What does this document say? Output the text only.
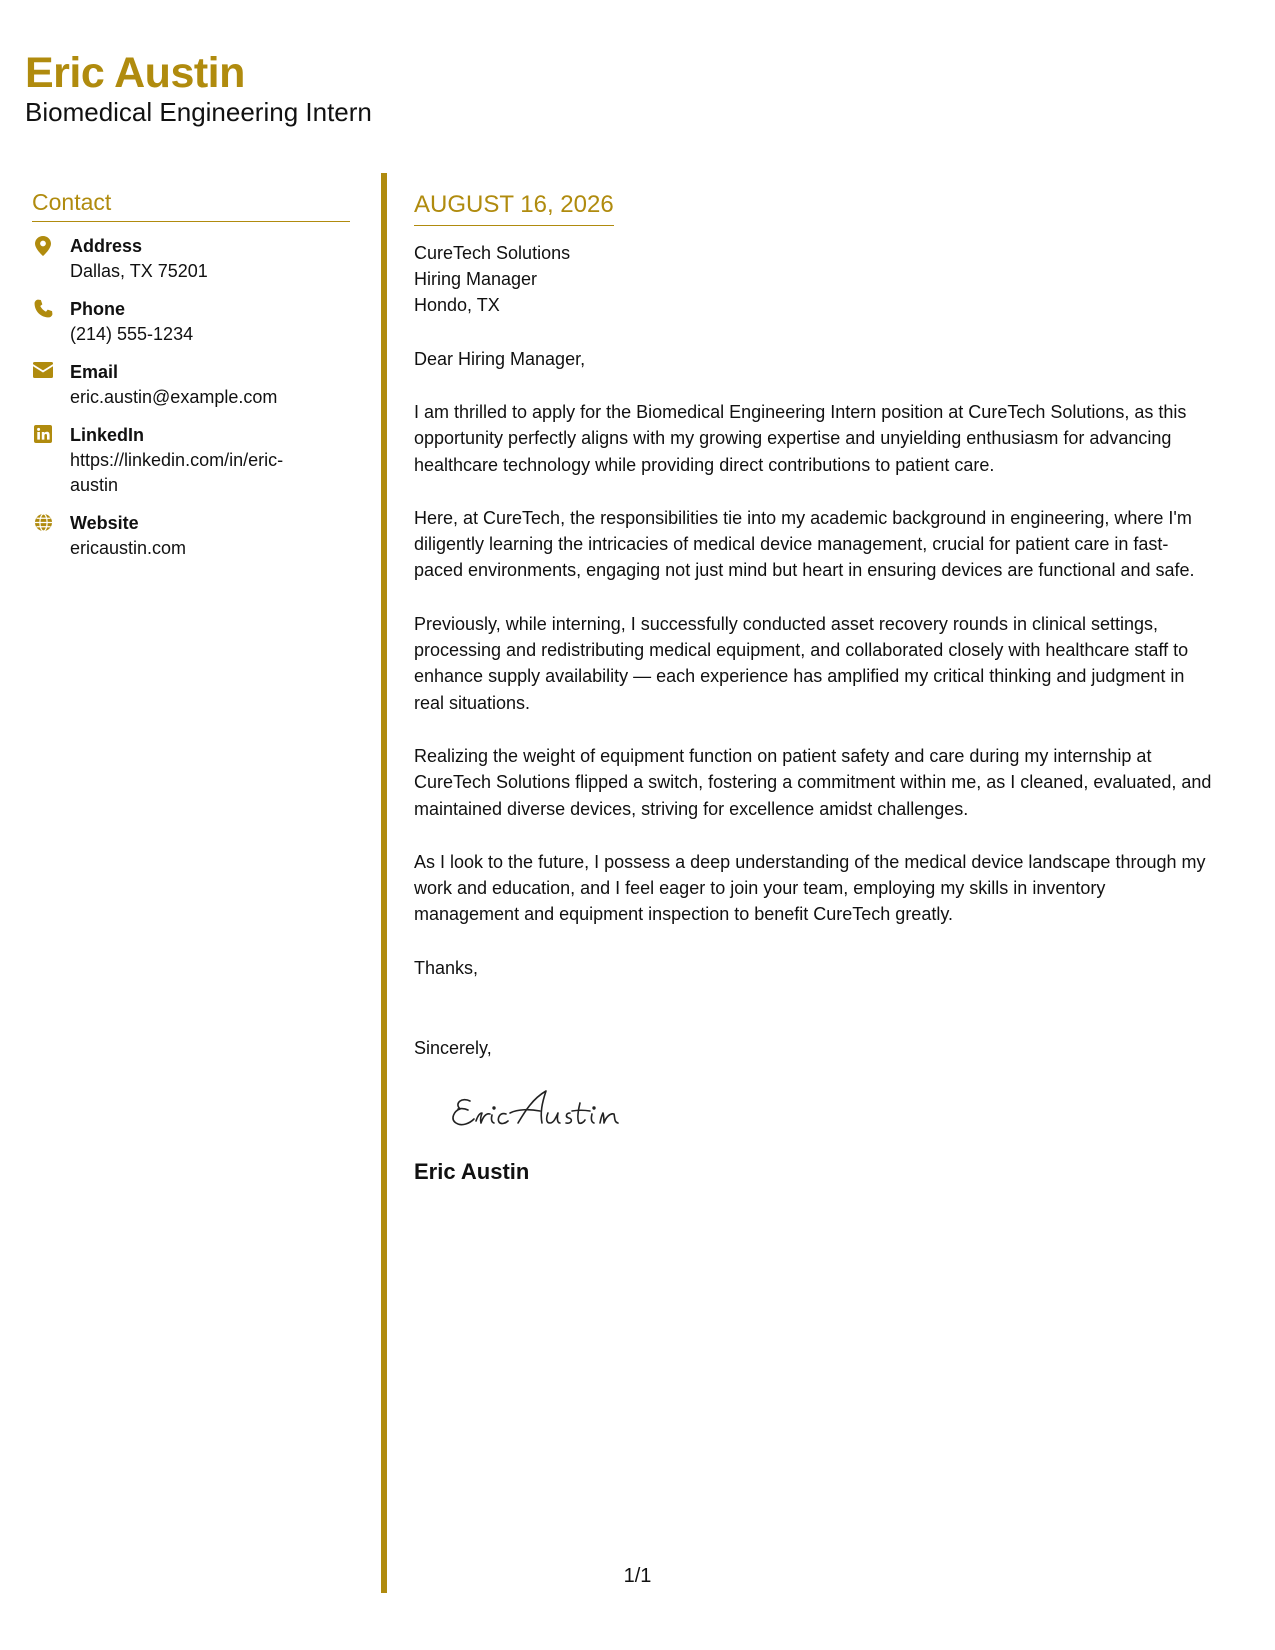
Eric Austin
Biomedical Engineering Intern
Contact
Address
Dallas, TX 75201
Phone
(214) 555-1234
Email
eric.austin@example.com
LinkedIn
https://linkedin.com/in/eric-
austin
Website
ericaustin.com
AUGUST 16, 2026
CureTech Solutions
Hiring Manager
Hondo, TX
Dear Hiring Manager,
I am thrilled to apply for the Biomedical Engineering Intern position at CureTech Solutions, as this
opportunity perfectly aligns with my growing expertise and unyielding enthusiasm for advancing
healthcare technology while providing direct contributions to patient care.
Here, at CureTech, the responsibilities tie into my academic background in engineering, where I'm
diligently learning the intricacies of medical device management, crucial for patient care in fast-
paced environments, engaging not just mind but heart in ensuring devices are functional and safe.
Previously, while interning, I successfully conducted asset recovery rounds in clinical settings,
processing and redistributing medical equipment, and collaborated closely with healthcare staff to
enhance supply availability — each experience has amplified my critical thinking and judgment in
real situations.
Realizing the weight of equipment function on patient safety and care during my internship at
CureTech Solutions flipped a switch, fostering a commitment within me, as I cleaned, evaluated, and
maintained diverse devices, striving for excellence amidst challenges.
As I look to the future, I possess a deep understanding of the medical device landscape through my
work and education, and I feel eager to join your team, employing my skills in inventory
management and equipment inspection to benefit CureTech greatly.
Thanks,
Sincerely,
Eric Austin
1/1
